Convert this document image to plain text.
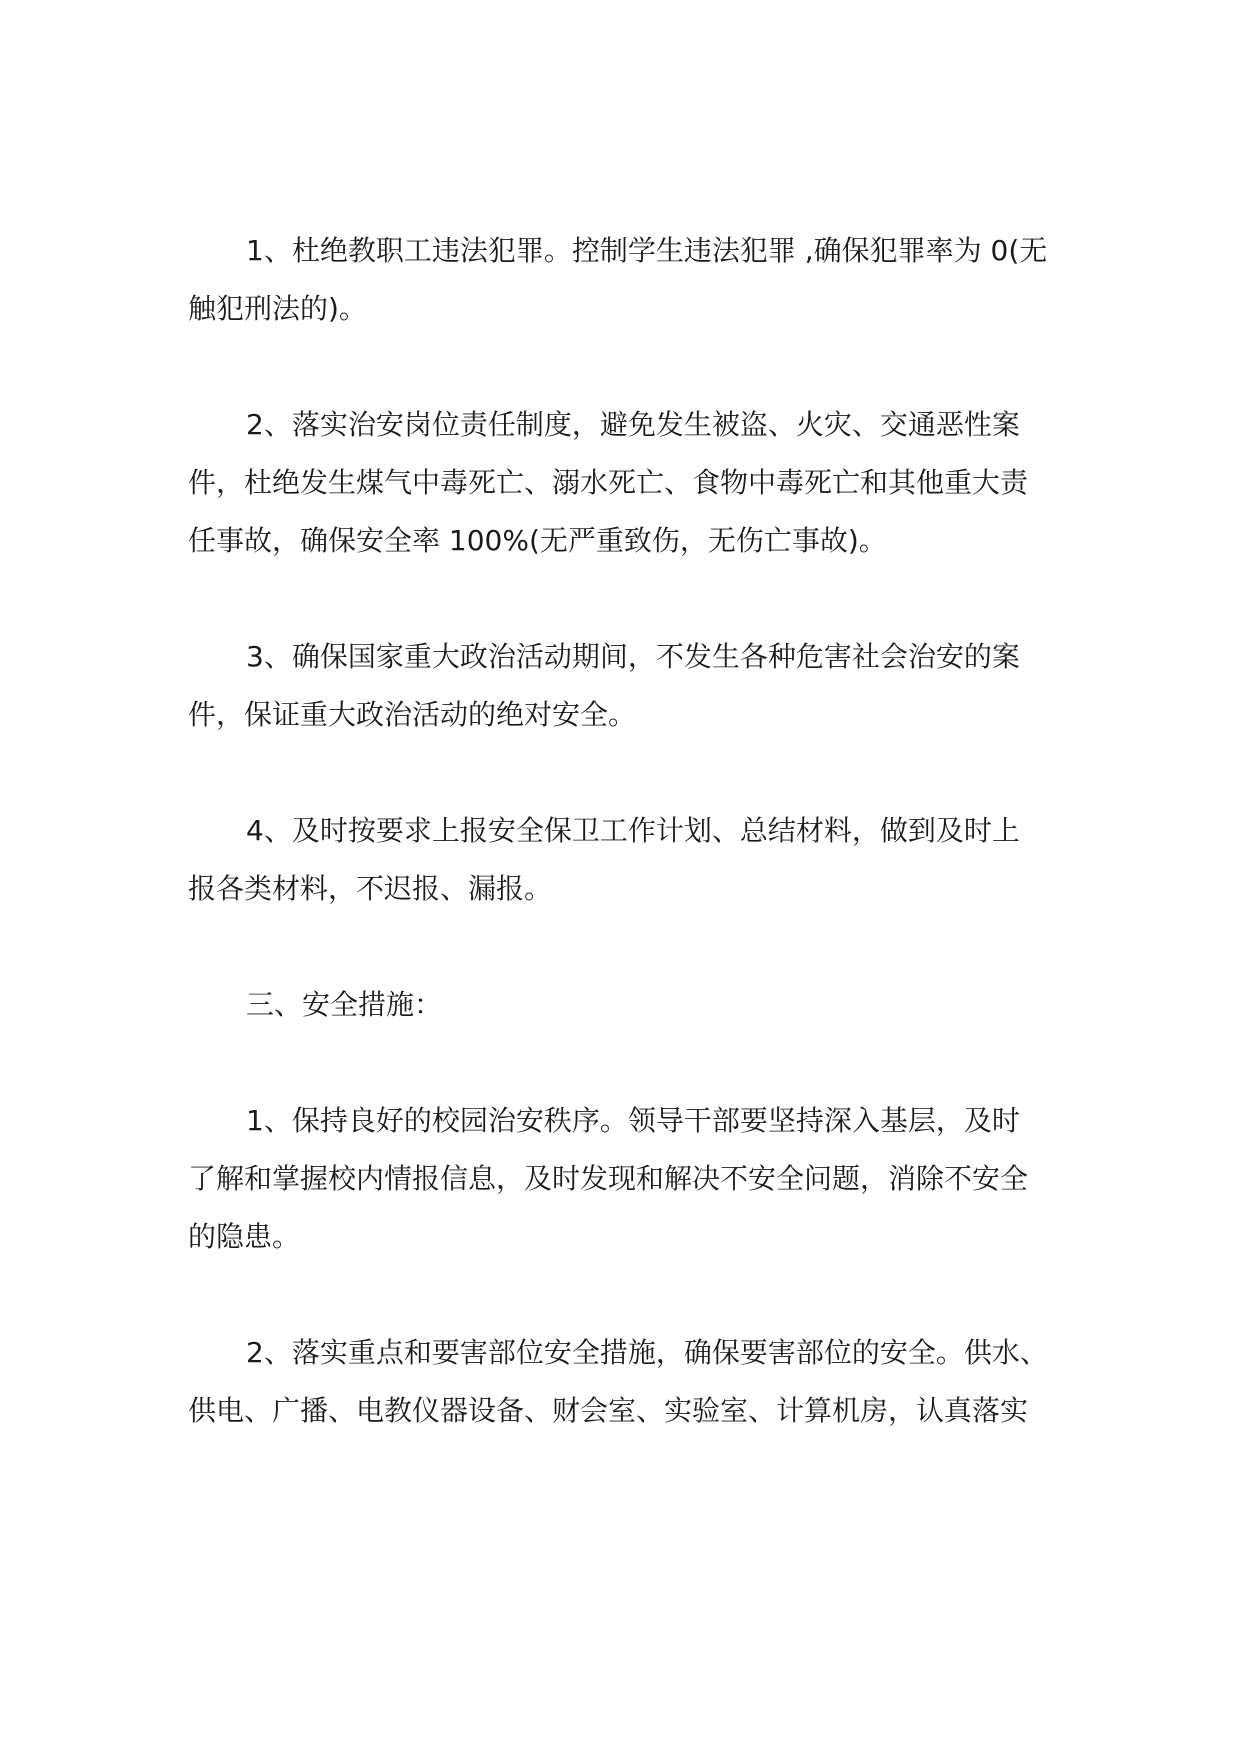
1、杜绝教职工违法犯罪。控制学生违法犯罪 ,确保犯罪率为 0(无
触犯刑法的)。
2、落实治安岗位责任制度，避免发生被盗、火灾、交通恶性案
件，杜绝发生煤气中毒死亡、溺水死亡、食物中毒死亡和其他重大责
任事故，确保安全率 100%(无严重致伤，无伤亡事故)。
3、确保国家重大政治活动期间，不发生各种危害社会治安的案
件，保证重大政治活动的绝对安全。
4、及时按要求上报安全保卫工作计划、总结材料，做到及时上
报各类材料，不迟报、漏报。
三、安全措施：
1、保持良好的校园治安秩序。领导干部要坚持深入基层，及时
了解和掌握校内情报信息，及时发现和解决不安全问题，消除不安全
的隐患。
2、落实重点和要害部位安全措施，确保要害部位的安全。供水、
供电、广播、电教仪器设备、财会室、实验室、计算机房，认真落实
